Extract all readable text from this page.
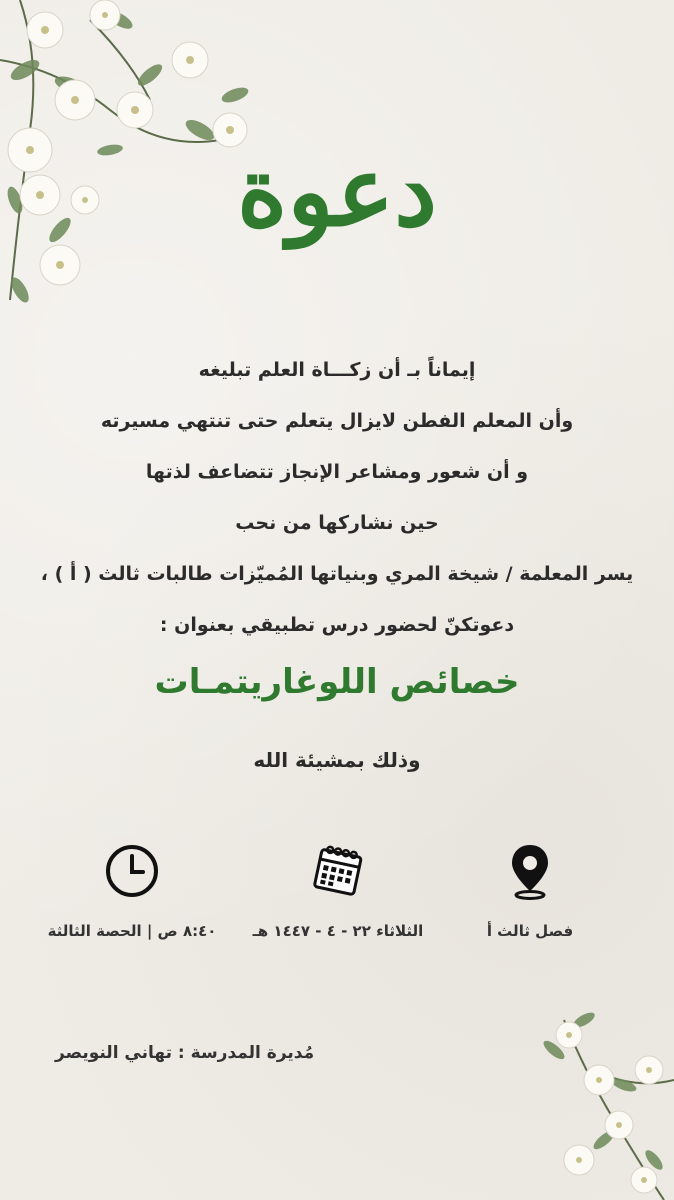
دعوة
إيماناً بـ أن زكـــاة العلم تبليغه
وأن المعلم الفطن لايزال يتعلم حتى تنتهي مسيرته
و أن شعور ومشاعر الإنجاز تتضاعف لذتها
حين نشاركها من نحب
يسر المعلمة / شيخة المري وبنياتها المُميّزات طالبات ثالث ( أ ) ،
دعوتكنّ لحضور درس تطبيقي بعنوان :
خصائص اللوغاريتمـات
وذلك بمشيئة الله
٨:٤٠ ص | الحصة الثالثة	الثلاثاء ٢٢ - ٤ - ١٤٤٧ هـ	فصل ثالث أ
مُديرة المدرسة : تهاني النويصر
